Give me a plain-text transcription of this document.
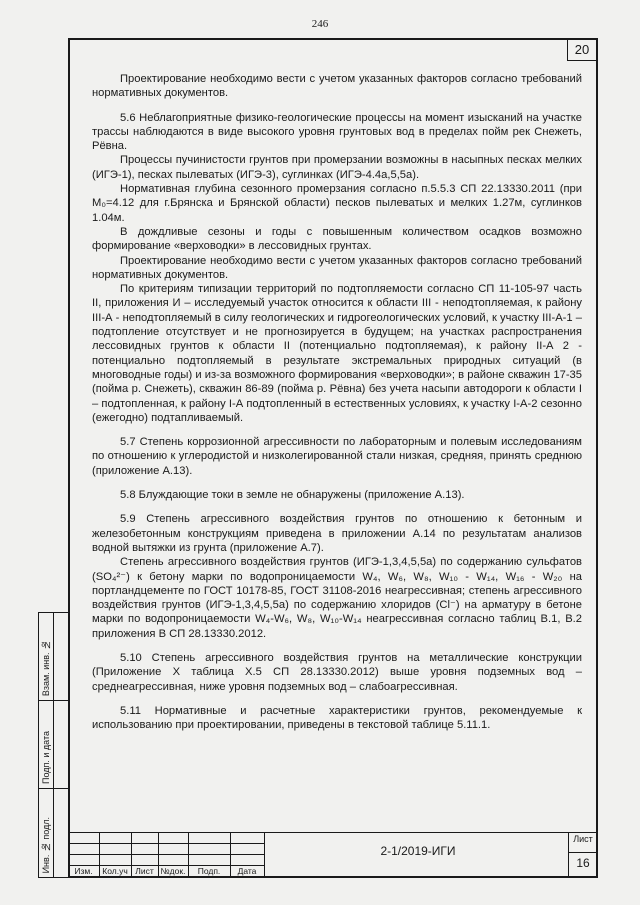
246
20

Проектирование необходимо вести с учетом указанных факторов согласно требований нормативных документов.

5.6 Неблагоприятные физико-геологические процессы на момент изысканий на участке трассы наблюдаются в виде высокого уровня грунтовых вод в пределах пойм рек Снежеть, Рёвна.

Процессы пучинистости грунтов при промерзании возможны в насыпных песках мелких (ИГЭ-1), песках пылеватых (ИГЭ-3), суглинках (ИГЭ-4.4а,5,5а).

Нормативная глубина сезонного промерзания согласно п.5.5.3 СП 22.13330.2011 (при М₀=4.12 для г.Брянска и Брянской области) песков пылеватых и мелких 1.27м, суглинков 1.04м.

В дождливые сезоны и годы с повышенным количеством осадков возможно формирование «верховодки» в лессовидных грунтах.

Проектирование необходимо вести с учетом указанных факторов согласно требований нормативных документов.

По критериям типизации территорий по подтопляемости согласно СП 11-105-97 часть II, приложения И – исследуемый участок относится к области III - неподтопляемая, к району III-А - неподтопляемый в силу геологических и гидрогеологических условий, к участку III-А-1 – подтопление отсутствует и не прогнозируется в будущем; на участках распространения лессовидных грунтов к области II (потенциально подтопляемая), к району II-А 2 - потенциально подтопляемый в результате экстремальных природных ситуаций (в многоводные годы) и из-за возможного формирования «верховодки»; в районе скважин 17-35 (пойма р. Снежеть), скважин 86-89 (пойма р. Рёвна) без учета насыпи автодороги к области I – подтопленная, к району I-А подтопленный в естественных условиях, к участку I-А-2 сезонно (ежегодно) подтапливаемый.

5.7 Степень коррозионной агрессивности по лабораторным и полевым исследованиям по отношению к углеродистой и низколегированной стали низкая, средняя, принять среднюю (приложение А.13).

5.8 Блуждающие токи в земле не обнаружены (приложение А.13).

5.9 Степень агрессивного воздействия грунтов по отношению к бетонным и железобетонным конструкциям приведена в приложении А.14 по результатам анализов водной вытяжки из грунта (приложение А.7).

Степень агрессивного воздействия грунтов (ИГЭ-1,3,4,5,5а) по содержанию сульфатов (SO₄²⁻) к бетону марки по водопроницаемости W₄, W₆, W₈, W₁₀ - W₁₄, W₁₆ - W₂₀ на портландцементе по ГОСТ 10178-85, ГОСТ 31108-2016 неагрессивная; степень агрессивного воздействия грунтов (ИГЭ-1,3,4,5,5а) по содержанию хлоридов (Cl⁻) на арматуру в бетоне марки по водопроницаемости W₄-W₆, W₈, W₁₀-W₁₄ неагрессивная согласно таблиц В.1, В.2 приложения В СП 28.13330.2012.

5.10 Степень агрессивного воздействия грунтов на металлические конструкции (Приложение Х таблица Х.5 СП 28.13330.2012) выше уровня подземных вод – среднеагрессивная, ниже уровня подземных вод – слабоагрессивная.

5.11 Нормативные и расчетные характеристики грунтов, рекомендуемые к использованию при проектировании, приведены в текстовой таблице 5.11.1.

Взам. инв. №
Подп. и дата
Инв. № подл.	Изм.	Кол.уч Лист №док.	Подп.	Дата
2-1/2019-ИГИ
Лист
16
